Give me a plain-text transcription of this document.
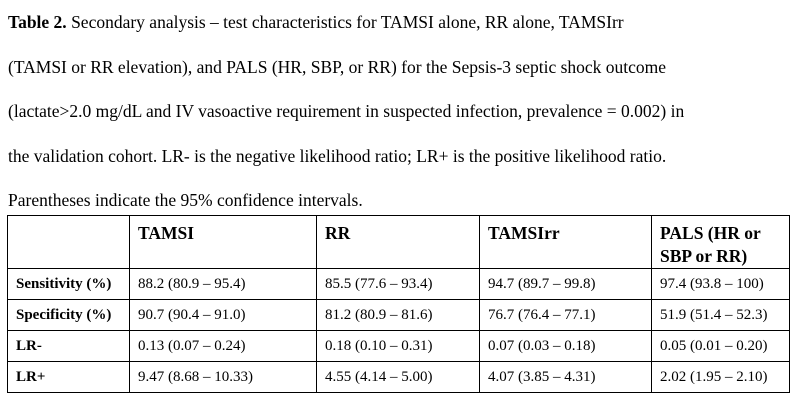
Table 2. Secondary analysis – test characteristics for TAMSI alone, RR alone, TAMSIrr
(TAMSI or RR elevation), and PALS (HR, SBP, or RR) for the Sepsis-3 septic shock outcome
(lactate>2.0 mg/dL and IV vasoactive requirement in suspected infection, prevalence = 0.002) in
the validation cohort. LR- is the negative likelihood ratio; LR+ is the positive likelihood ratio.
Parentheses indicate the 95% confidence intervals.
	TAMSI	RR	TAMSIrr	PALS (HR or SBP or RR)
Sensitivity (%)	88.2 (80.9 – 95.4)	85.5 (77.6 – 93.4)	94.7 (89.7 – 99.8)	97.4 (93.8 – 100)
Specificity (%)	90.7 (90.4 – 91.0)	81.2 (80.9 – 81.6)	76.7 (76.4 – 77.1)	51.9 (51.4 – 52.3)
LR-	0.13 (0.07 – 0.24)	0.18 (0.10 – 0.31)	0.07 (0.03 – 0.18)	0.05 (0.01 – 0.20)
LR+	9.47 (8.68 – 10.33)	4.55 (4.14 – 5.00)	4.07 (3.85 – 4.31)	2.02 (1.95 – 2.10)
